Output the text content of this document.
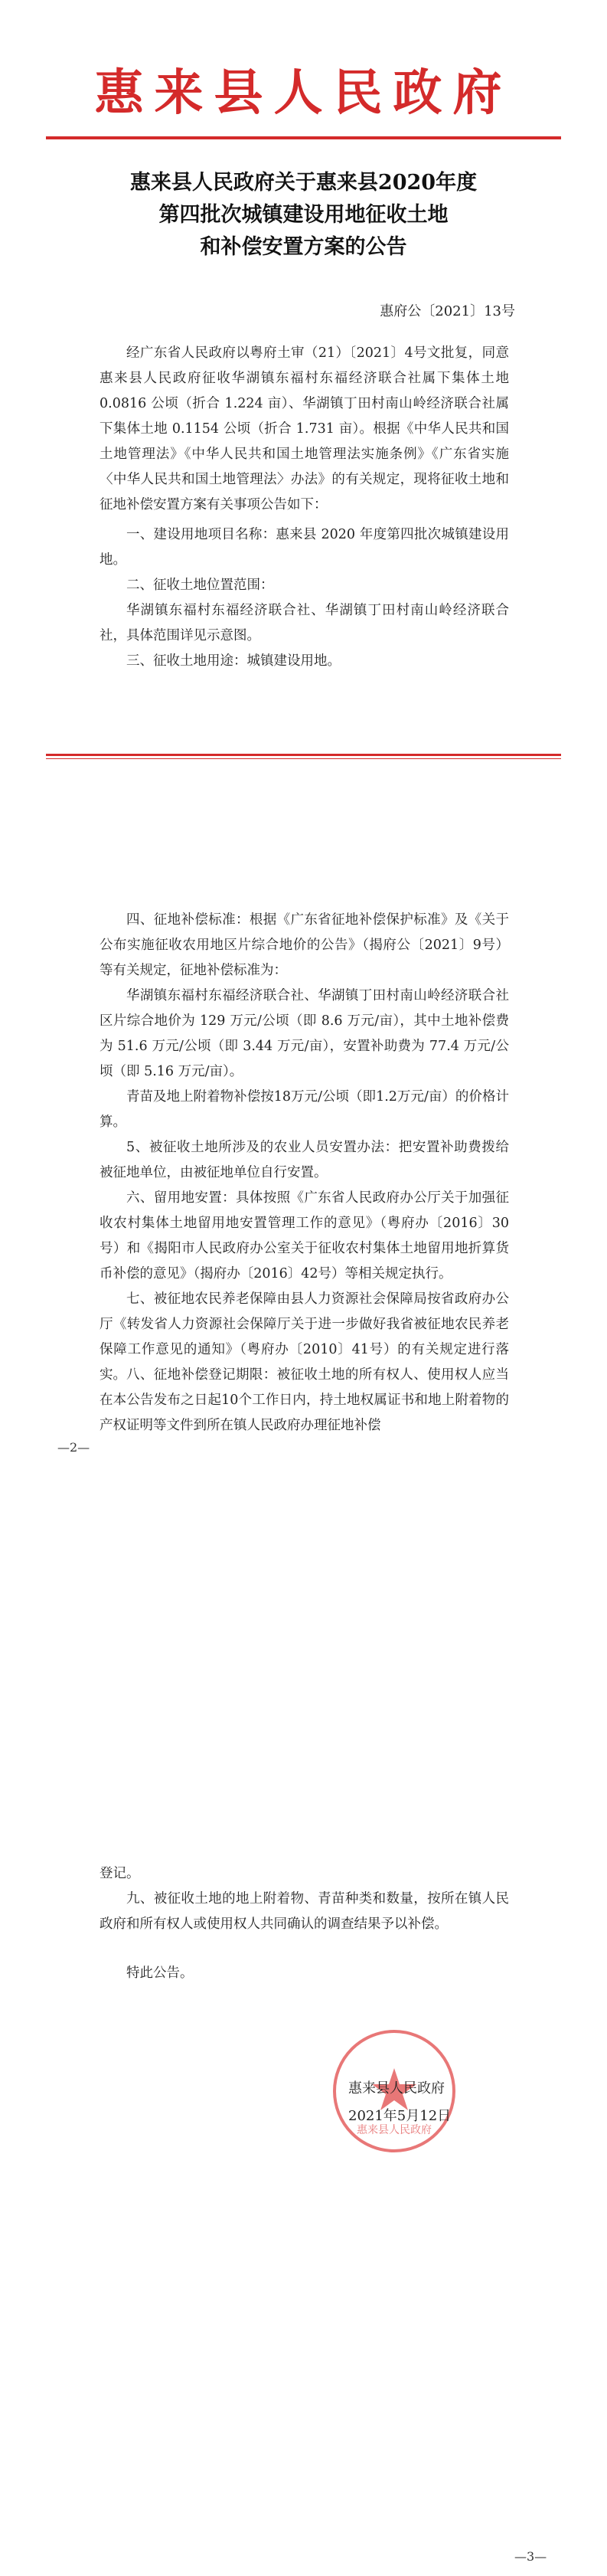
惠来县人民政府
惠来县人民政府关于惠来县2020年度
第四批次城镇建设用地征收土地
和补偿安置方案的公告
惠府公〔2021〕13号

经广东省人民政府以粤府土审（21）〔2021〕4号文批复，同意惠来县人民政府征收华湖镇东福村东福经济联合社属下集体土地 0.0816 公顷（折合 1.224 亩）、华湖镇丁田村南山岭经济联合社属下集体土地 0.1154 公顷（折合 1.731 亩）。根据《中华人民共和国土地管理法》《中华人民共和国土地管理法实施条例》《广东省实施〈中华人民共和国土地管理法〉办法》的有关规定，现将征收土地和征地补偿安置方案有关事项公告如下：

一、建设用地项目名称：惠来县 2020 年度第四批次城镇建设用地。

二、征收土地位置范围：

华湖镇东福村东福经济联合社、华湖镇丁田村南山岭经济联合社，具体范围详见示意图。

三、征收土地用途：城镇建设用地。

四、征地补偿标准：根据《广东省征地补偿保护标准》及《关于公布实施征收农用地区片综合地价的公告》（揭府公〔2021〕9号）等有关规定，征地补偿标准为：

华湖镇东福村东福经济联合社、华湖镇丁田村南山岭经济联合社区片综合地价为 129 万元/公顷（即 8.6 万元/亩），其中土地补偿费为 51.6 万元/公顷（即 3.44 万元/亩），安置补助费为 77.4 万元/公顷（即 5.16 万元/亩）。

青苗及地上附着物补偿按18万元/公顷（即1.2万元/亩）的价格计算。

5、被征收土地所涉及的农业人员安置办法：把安置补助费拨给被征地单位，由被征地单位自行安置。

六、留用地安置：具体按照《广东省人民政府办公厅关于加强征收农村集体土地留用地安置管理工作的意见》（粤府办〔2016〕30号）和《揭阳市人民政府办公室关于征收农村集体土地留用地折算货币补偿的意见》（揭府办〔2016〕42号）等相关规定执行。

七、被征地农民养老保障由县人力资源社会保障局按省政府办公厅《转发省人力资源社会保障厅关于进一步做好我省被征地农民养老保障工作意见的通知》（粤府办〔2010〕41号）的有关规定进行落实。 八、征地补偿登记期限：被征收土地的所有权人、使用权人应当在本公告发布之日起10个工作日内，持土地权属证书和地上附着物的产权证明等文件到所在镇人民政府办理征地补偿

—2—

登记。

九、被征收土地的地上附着物、青苗种类和数量，按所在镇人民政府和所有权人或使用权人共同确认的调查结果予以补偿。

特此公告。

惠来县人民政府
惠来县人民政府
2021年5月12日
—3—
